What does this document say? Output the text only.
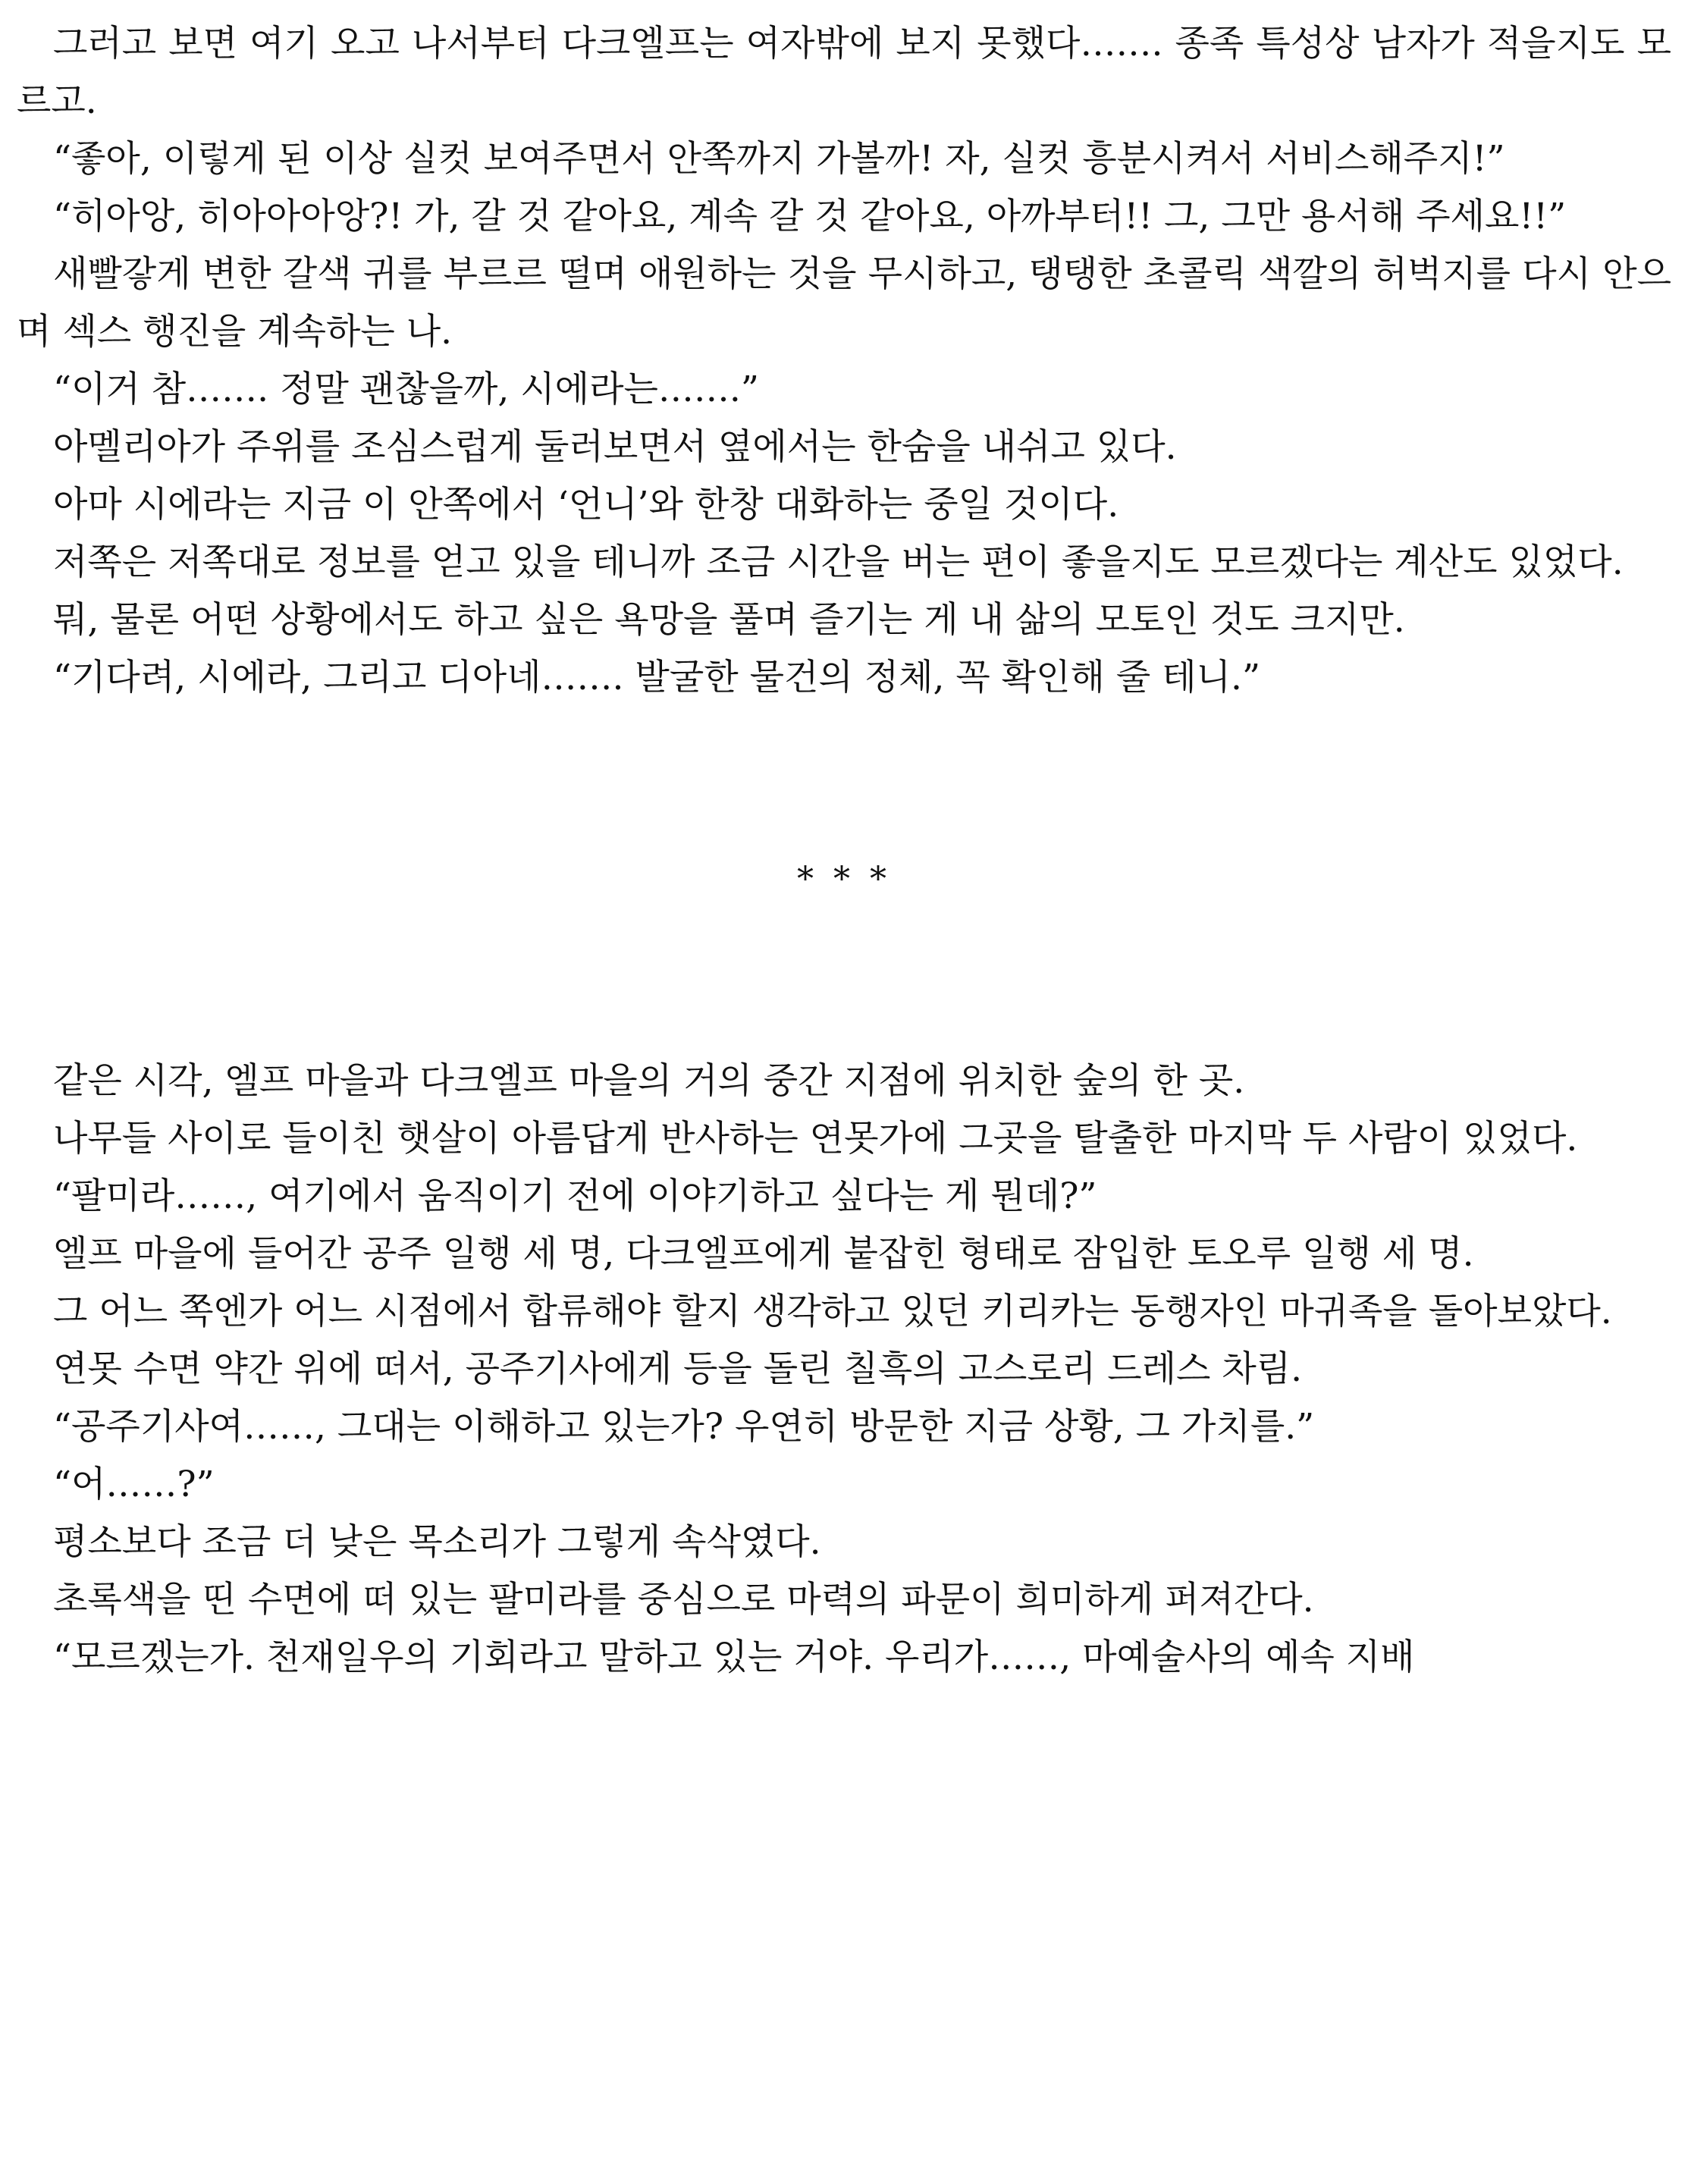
그러고 보면 여기 오고 나서부터 다크엘프는 여자밖에 보지 못했다……. 종족 특성상 남자가 적을지도 모르고.

“좋아, 이렇게 된 이상 실컷 보여주면서 안쪽까지 가볼까! 자, 실컷 흥분시켜서 서비스해주지!”

“히아앙, 히아아아앙?! 가, 갈 것 같아요, 계속 갈 것 같아요, 아까부터!! 그, 그만 용서해 주세요!!”

새빨갛게 변한 갈색 귀를 부르르 떨며 애원하는 것을 무시하고, 탱탱한 초콜릭 색깔의 허벅지를 다시 안으며 섹스 행진을 계속하는 나.

“이거 참……. 정말 괜찮을까, 시에라는…….”

아멜리아가 주위를 조심스럽게 둘러보면서 옆에서는 한숨을 내쉬고 있다.

아마 시에라는 지금 이 안쪽에서 ‘언니’와 한창 대화하는 중일 것이다.

저쪽은 저쪽대로 정보를 얻고 있을 테니까 조금 시간을 버는 편이 좋을지도 모르겠다는 계산도 있었다.

뭐, 물론 어떤 상황에서도 하고 싶은 욕망을 풀며 즐기는 게 내 삶의 모토인 것도 크지만.

“기다려, 시에라, 그리고 디아네……. 발굴한 물건의 정체, 꼭 확인해 줄 테니.”

* * *

같은 시각, 엘프 마을과 다크엘프 마을의 거의 중간 지점에 위치한 숲의 한 곳.

나무들 사이로 들이친 햇살이 아름답게 반사하는 연못가에 그곳을 탈출한 마지막 두 사람이 있었다.

“팔미라……, 여기에서 움직이기 전에 이야기하고 싶다는 게 뭔데?”

엘프 마을에 들어간 공주 일행 세 명, 다크엘프에게 붙잡힌 형태로 잠입한 토오루 일행 세 명.

그 어느 쪽엔가 어느 시점에서 합류해야 할지 생각하고 있던 키리카는 동행자인 마귀족을 돌아보았다.

연못 수면 약간 위에 떠서, 공주기사에게 등을 돌린 칠흑의 고스로리 드레스 차림.

“공주기사여……, 그대는 이해하고 있는가? 우연히 방문한 지금 상황, 그 가치를.”

“어……?”

평소보다 조금 더 낮은 목소리가 그렇게 속삭였다.

초록색을 띤 수면에 떠 있는 팔미라를 중심으로 마력의 파문이 희미하게 퍼져간다.

“모르겠는가. 천재일우의 기회라고 말하고 있는 거야. 우리가……, 마예술사의 예속 지배
